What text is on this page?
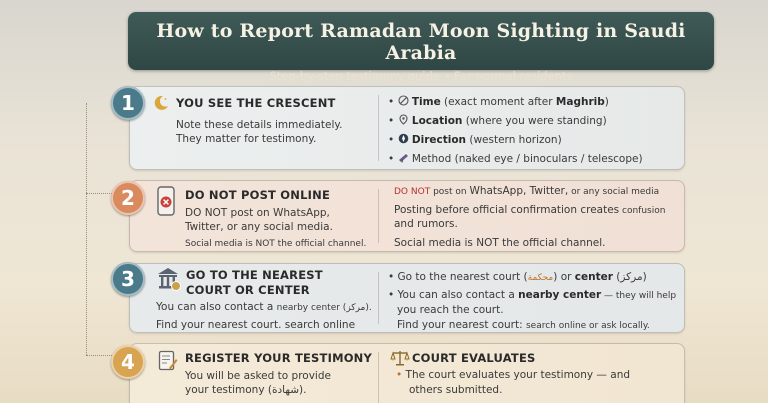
How to Report Ramadan Moon Sighting in Saudi Arabia
Step-by-step testimony guide • For normal residents
1	YOU SEE THE CRESCENT
Note these details immediately.
They matter for testimony.
•  Time (exact moment after Maghrib)
•  Location (where you were standing)
•  Direction (western horizon)
•  Method (naked eye / binoculars / telescope)
2	DO NOT POST ONLINE
DO NOT post on WhatsApp,
Twitter, or any social media.
Social media is NOT the official channel.
DO NOT post on WhatsApp, Twitter, or any social media
Posting before official confirmation creates confusion
and rumors.
Social media is NOT the official channel.
3	GO TO THE NEAREST
COURT OR CENTER
You can also contact a nearby center (مركز).
Find your nearest court. search online
• Go to the nearest court (محكمة) or center (مركز)
• You can also contact a nearby center — they will help
you reach the court.
Find your nearest court: search online or ask locally.
4	REGISTER YOUR TESTIMONY
You will be asked to provide
your testimony (شهادة).
COURT EVALUATES
• The court evaluates your testimony — and
others submitted.
